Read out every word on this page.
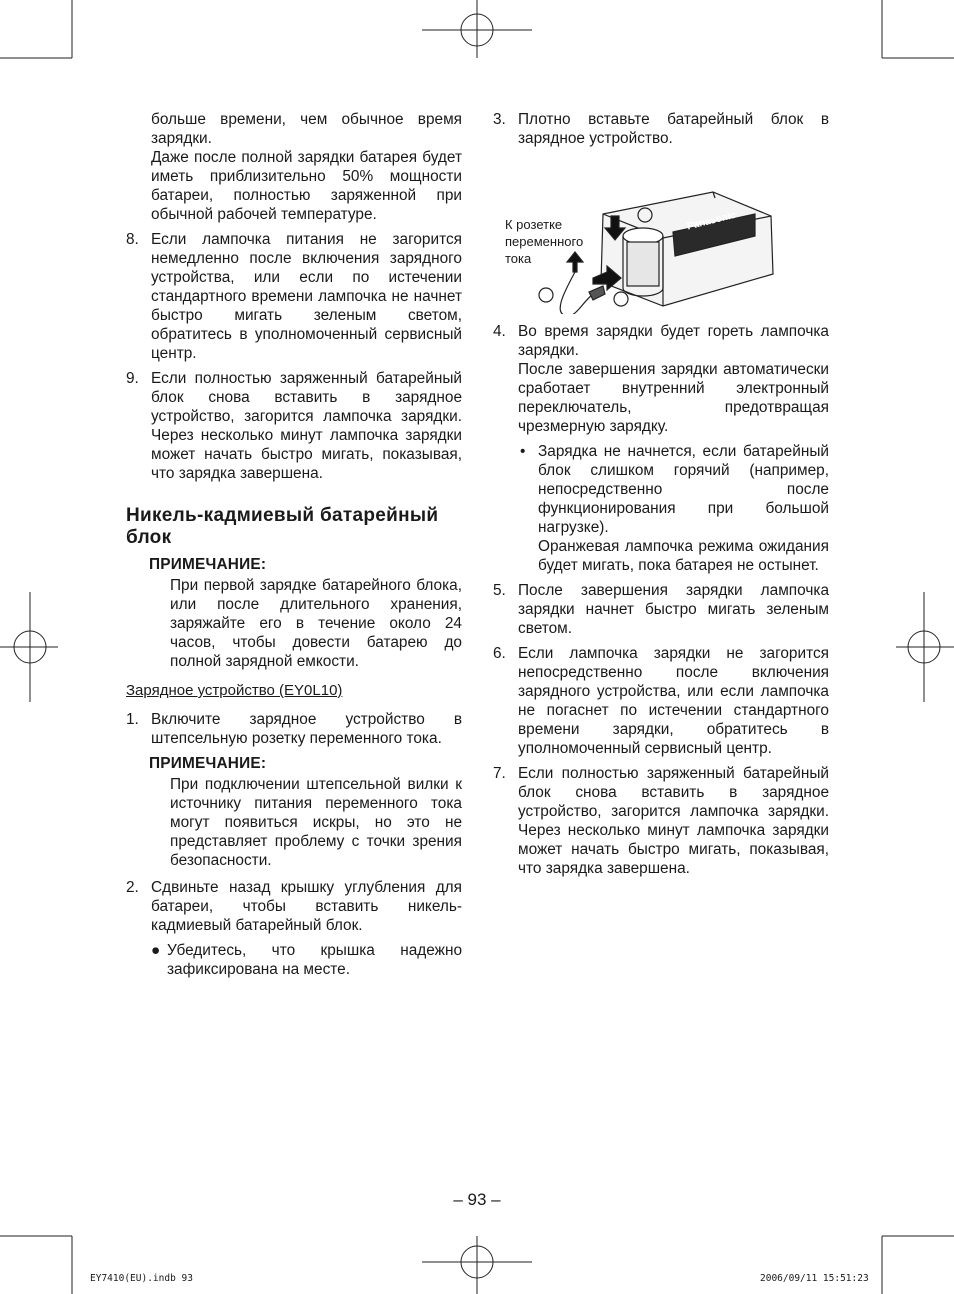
больше времени, чем обычное время зарядки.

Даже после полной зарядки батарея будет иметь приблизительно 50% мощности батареи, полностью заряженной при обычной рабочей температуре.

8. Если лампочка питания не загорится немедленно после включения зарядного устройства, или если по истечении стандартного времени лампочка не начнет быстро мигать зеленым светом, обратитесь в уполномоченный сервисный центр.

9. Если полностью заряженный батарейный блок снова вставить в зарядное устройство, загорится лампочка зарядки. Через несколько минут лампочка зарядки может начать быстро мигать, показывая, что зарядка завершена.

Никель-кадмиевый батарейный блок
ПРИМЕЧАНИЕ:

При первой зарядке батарейного блока, или после длительного хранения, заряжайте его в течение около 24 часов, чтобы довести батарею до полной зарядной емкости.

Зарядное устройство (EY0L10)
1. Включите зарядное устройство в штепсельную розетку переменного тока.

ПРИМЕЧАНИЕ:

При подключении штепсельной вилки к источнику питания переменного тока могут появиться искры, но это не представляет проблему с точки зрения безопасности.

2. Сдвиньте назад крышку углубления для батареи, чтобы вставить никель-кадмиевый батарейный блок.

● Убедитесь, что крышка надежно зафиксирована на месте.

3. Плотно вставьте батарейный блок в зарядное устройство.

К розетке
переменного
тока
Panasonic
4. Во время зарядки будет гореть лампочка зарядки.

После завершения зарядки автоматически сработает внутренний электронный переключатель, предотвращая чрезмерную зарядку.

• Зарядка не начнется, если батарейный блок слишком горячий (например, непосредственно после функционирования при большой нагрузке).

Оранжевая лампочка режима ожидания будет мигать, пока батарея не остынет.

5. После завершения зарядки лампочка зарядки начнет быстро мигать зеленым светом.

6. Если лампочка зарядки не загорится непосредственно после включения зарядного устройства, или если лампочка не погаснет по истечении стандартного времени зарядки, обратитесь в уполномоченный сервисный центр.

7. Если полностью заряженный батарейный блок снова вставить в зарядное устройство, загорится лампочка зарядки. Через несколько минут лампочка зарядки может начать быстро мигать, показывая, что зарядка завершена.

– 93 –
EY7410(EU).indb 93	2006/09/11 15:51:23
